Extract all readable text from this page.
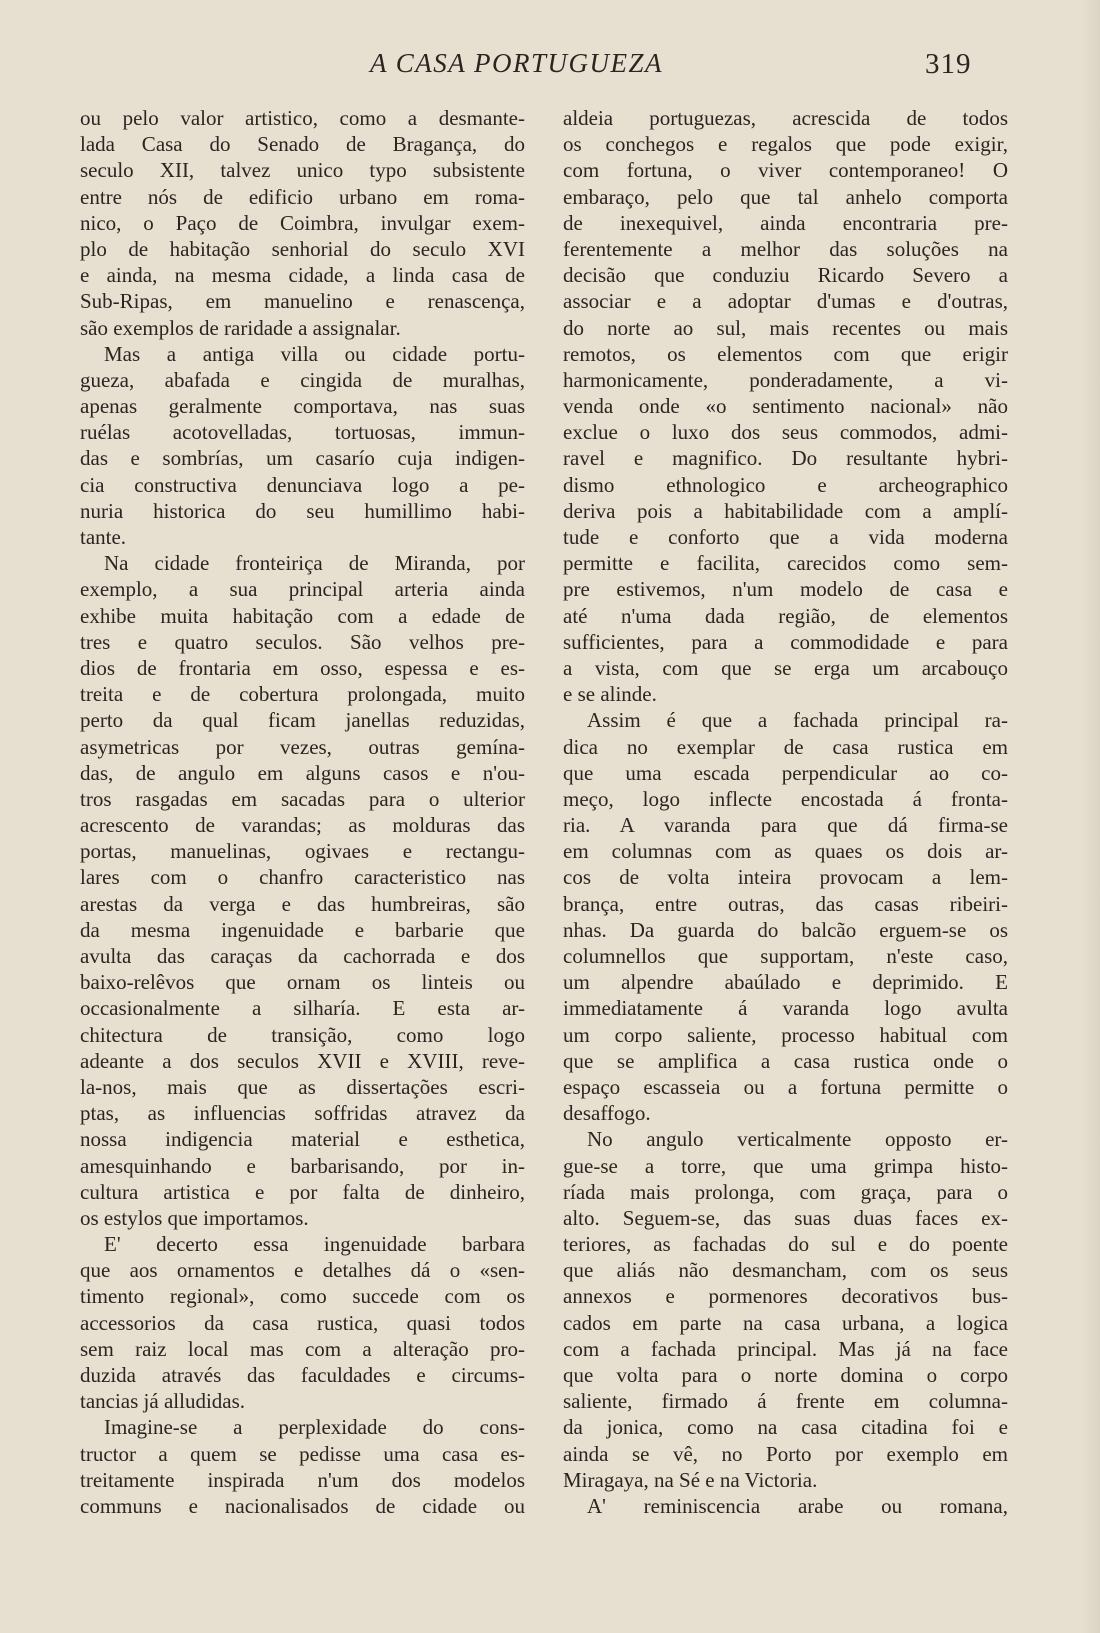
A CASA PORTUGUEZA	319
ou pelo valor artistico, como a desmante-
lada Casa do Senado de Bragança, do
seculo XII, talvez unico typo subsistente
entre nós de edificio urbano em roma-
nico, o Paço de Coimbra, invulgar exem-
plo de habitação senhorial do seculo XVI
e ainda, na mesma cidade, a linda casa de
Sub-Ripas, em manuelino e renascença,
são exemplos de raridade a assignalar.
Mas a antiga villa ou cidade portu-
gueza, abafada e cingida de muralhas,
apenas geralmente comportava, nas suas
ruélas acotovelladas, tortuosas, immun-
das e sombrías, um casarío cuja indigen-
cia constructiva denunciava logo a pe-
nuria historica do seu humillimo habi-
tante.
Na cidade fronteiriça de Miranda, por
exemplo, a sua principal arteria ainda
exhibe muita habitação com a edade de
tres e quatro seculos. São velhos pre-
dios de frontaria em osso, espessa e es-
treita e de cobertura prolongada, muito
perto da qual ficam janellas reduzidas,
asymetricas por vezes, outras gemína-
das, de angulo em alguns casos e n'ou-
tros rasgadas em sacadas para o ulterior
acrescento de varandas; as molduras das
portas, manuelinas, ogivaes e rectangu-
lares com o chanfro caracteristico nas
arestas da verga e das humbreiras, são
da mesma ingenuidade e barbarie que
avulta das caraças da cachorrada e dos
baixo-relêvos que ornam os linteis ou
occasionalmente a silharía. E esta ar-
chitectura de transição, como logo
adeante a dos seculos XVII e XVIII, reve-
la-nos, mais que as dissertações escri-
ptas, as influencias soffridas atravez da
nossa indigencia material e esthetica,
amesquinhando e barbarisando, por in-
cultura artistica e por falta de dinheiro,
os estylos que importamos.
E' decerto essa ingenuidade barbara
que aos ornamentos e detalhes dá o «sen-
timento regional», como succede com os
accessorios da casa rustica, quasi todos
sem raiz local mas com a alteração pro-
duzida através das faculdades e circums-
tancias já alludidas.
Imagine-se a perplexidade do cons-
tructor a quem se pedisse uma casa es-
treitamente inspirada n'um dos modelos
communs e nacionalisados de cidade ou
aldeia portuguezas, acrescida de todos
os conchegos e regalos que pode exigir,
com fortuna, o viver contemporaneo! O
embaraço, pelo que tal anhelo comporta
de inexequivel, ainda encontraria pre-
ferentemente a melhor das soluções na
decisão que conduziu Ricardo Severo a
associar e a adoptar d'umas e d'outras,
do norte ao sul, mais recentes ou mais
remotos, os elementos com que erigir
harmonicamente, ponderadamente, a vi-
venda onde «o sentimento nacional» não
exclue o luxo dos seus commodos, admi-
ravel e magnifico. Do resultante hybri-
dismo ethnologico e archeographico
deriva pois a habitabilidade com a amplí-
tude e conforto que a vida moderna
permitte e facilita, carecidos como sem-
pre estivemos, n'um modelo de casa e
até n'uma dada região, de elementos
sufficientes, para a commodidade e para
a vista, com que se erga um arcabouço
e se alinde.
Assim é que a fachada principal ra-
dica no exemplar de casa rustica em
que uma escada perpendicular ao co-
meço, logo inflecte encostada á fronta-
ria. A varanda para que dá firma-se
em columnas com as quaes os dois ar-
cos de volta inteira provocam a lem-
brança, entre outras, das casas ribeiri-
nhas. Da guarda do balcão erguem-se os
columnellos que supportam, n'este caso,
um alpendre abaúlado e deprimido. E
immediatamente á varanda logo avulta
um corpo saliente, processo habitual com
que se amplifica a casa rustica onde o
espaço escasseia ou a fortuna permitte o
desaffogo.
No angulo verticalmente opposto er-
gue-se a torre, que uma grimpa histo-
ríada mais prolonga, com graça, para o
alto. Seguem-se, das suas duas faces ex-
teriores, as fachadas do sul e do poente
que aliás não desmancham, com os seus
annexos e pormenores decorativos bus-
cados em parte na casa urbana, a logica
com a fachada principal. Mas já na face
que volta para o norte domina o corpo
saliente, firmado á frente em columna-
da jonica, como na casa citadina foi e
ainda se vê, no Porto por exemplo em
Miragaya, na Sé e na Victoria.
A' reminiscencia arabe ou romana,
